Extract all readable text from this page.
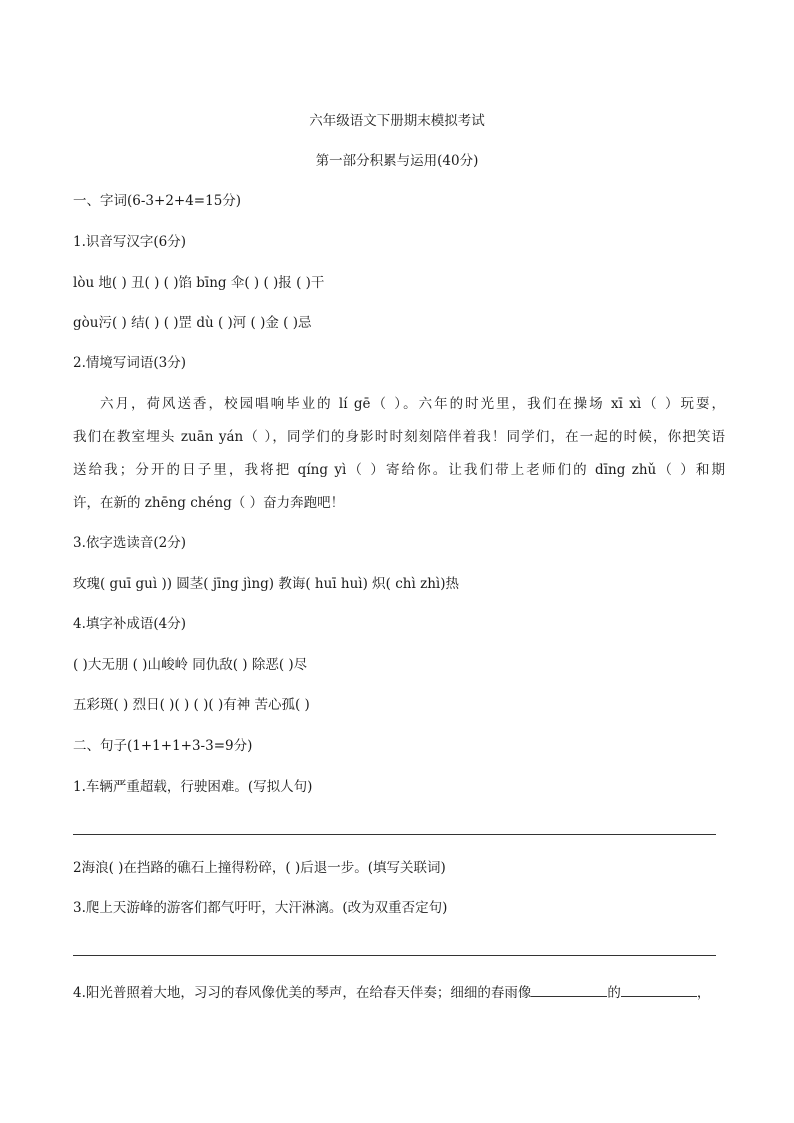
六年级语文下册期末模拟考试
第一部分积累与运用(40分)
一、字词(6-3+2+4=15分)
1.识音写汉字(6分)
lòu 地( ) 丑( ) ( )馅 bīng 伞( ) ( )报 ( )干
gòu污( ) 结( ) ( )罡 dù ( )河 ( )金 ( )忌
2.情境写词语(3分)

六月，荷风送香，校园唱响毕业的 lí gē（ ）。六年的时光里，我们在操场 xī xì（ ）玩耍，

我们在教室埋头 zuān yán（ ），同学们的身影时时刻刻陪伴着我！同学们，在一起的时候，你把笑语

送给我；分开的日子里，我将把 qíng yì（ ）寄给你。让我们带上老师们的 dīng zhǔ（ ）和期

许，在新的 zhēng chéng（ ）奋力奔跑吧！

3.依字选读音(2分)
玫瑰( guī guì )) 圆茎( jīng jìng) 教诲( huī huì) 炽( chì zhì)热
4.填字补成语(4分)
( )大无朋 ( )山峻岭 同仇敌( ) 除恶( )尽
五彩斑( ) 烈日( )( ) ( )( )有神 苦心孤( )
二、句子(1+1+1+3-3=9分)
1.车辆严重超载，行驶困难。(写拟人句)
2海浪( )在挡路的礁石上撞得粉碎，( )后退一步。(填写关联词)
3.爬上天游峰的游客们都气吁吁，大汗淋漓。(改为双重否定句)
4.阳光普照着大地，习习的春风像优美的琴声，在给春天伴奏；细细的春雨像	的	，
